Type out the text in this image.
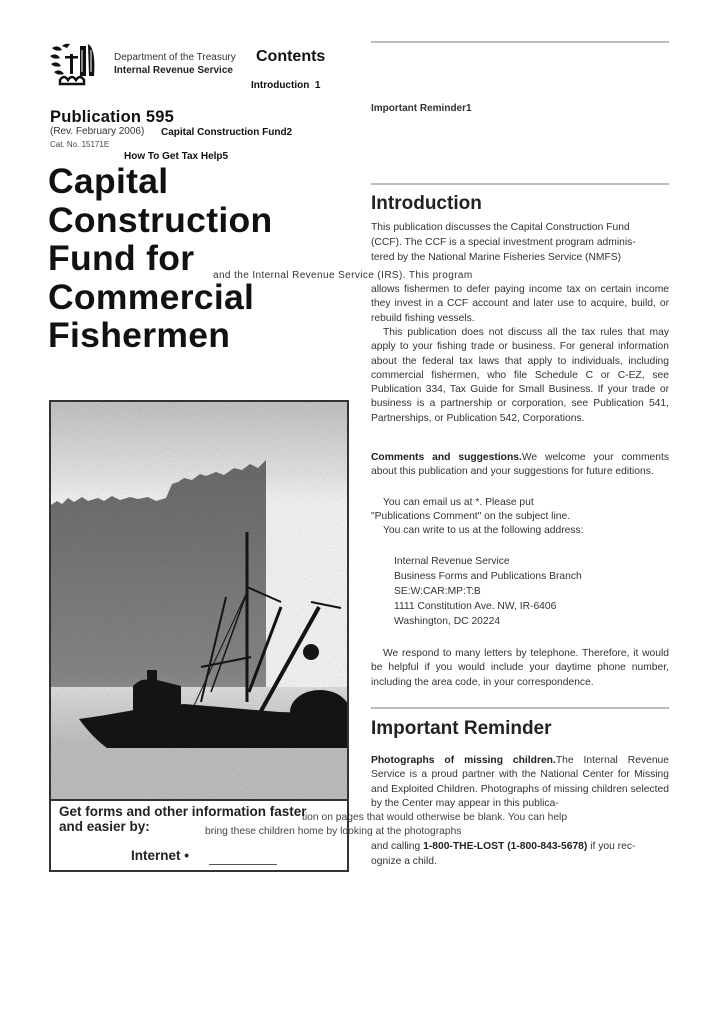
Department of the Treasury
Internal Revenue Service
Contents
Introduction 1
Publication 595
(Rev. February 2006) Capital Construction Fund2
Cat. No. 15171E
How To Get Tax Help5
Capital
Construction
Fund for
Commercial
Fishermen
and the Internal Revenue Service (IRS). This program
Important Reminder1
Introduction
This publication discusses the Capital Construction Fund
(CCF). The CCF is a special investment program adminis-
tered by the National Marine Fisheries Service (NMFS)
allows fishermen to defer paying income tax on certain income they invest in a CCF account and later use to acquire, build, or rebuild fishing vessels.
This publication does not discuss all the tax rules that may apply to your fishing trade or business. For general information about the federal tax laws that apply to individuals, including commercial fishermen, who file Schedule C or C-EZ, see Publication 334, Tax Guide for Small Business. If your trade or business is a partnership or corporation, see Publication 541, Partnerships, or Publication 542, Corporations.
Comments and suggestions.We welcome your comments about this publication and your suggestions for future editions.
You can email us at *. Please put
"Publications Comment" on the subject line.
You can write to us at the following address:
Internal Revenue Service
Business Forms and Publications Branch
SE:W:CAR:MP:T:B
1111 Constitution Ave. NW, IR-6406
Washington, DC 20224
We respond to many letters by telephone. Therefore, it would be helpful if you would include your daytime phone number, including the area code, in your correspondence.
Important Reminder
Photographs of missing children.The Internal Revenue Service is a proud partner with the National Center for Missing and Exploited Children. Photographs of missing children selected by the Center may appear in this publica-
tion on pages that would otherwise be blank. You can help
bring these children home by looking at the photographs
and calling 1-800-THE-LOST (1-800-843-5678) if you rec-
ognize a child.
Get forms and other information faster and easier by:
Internet •
